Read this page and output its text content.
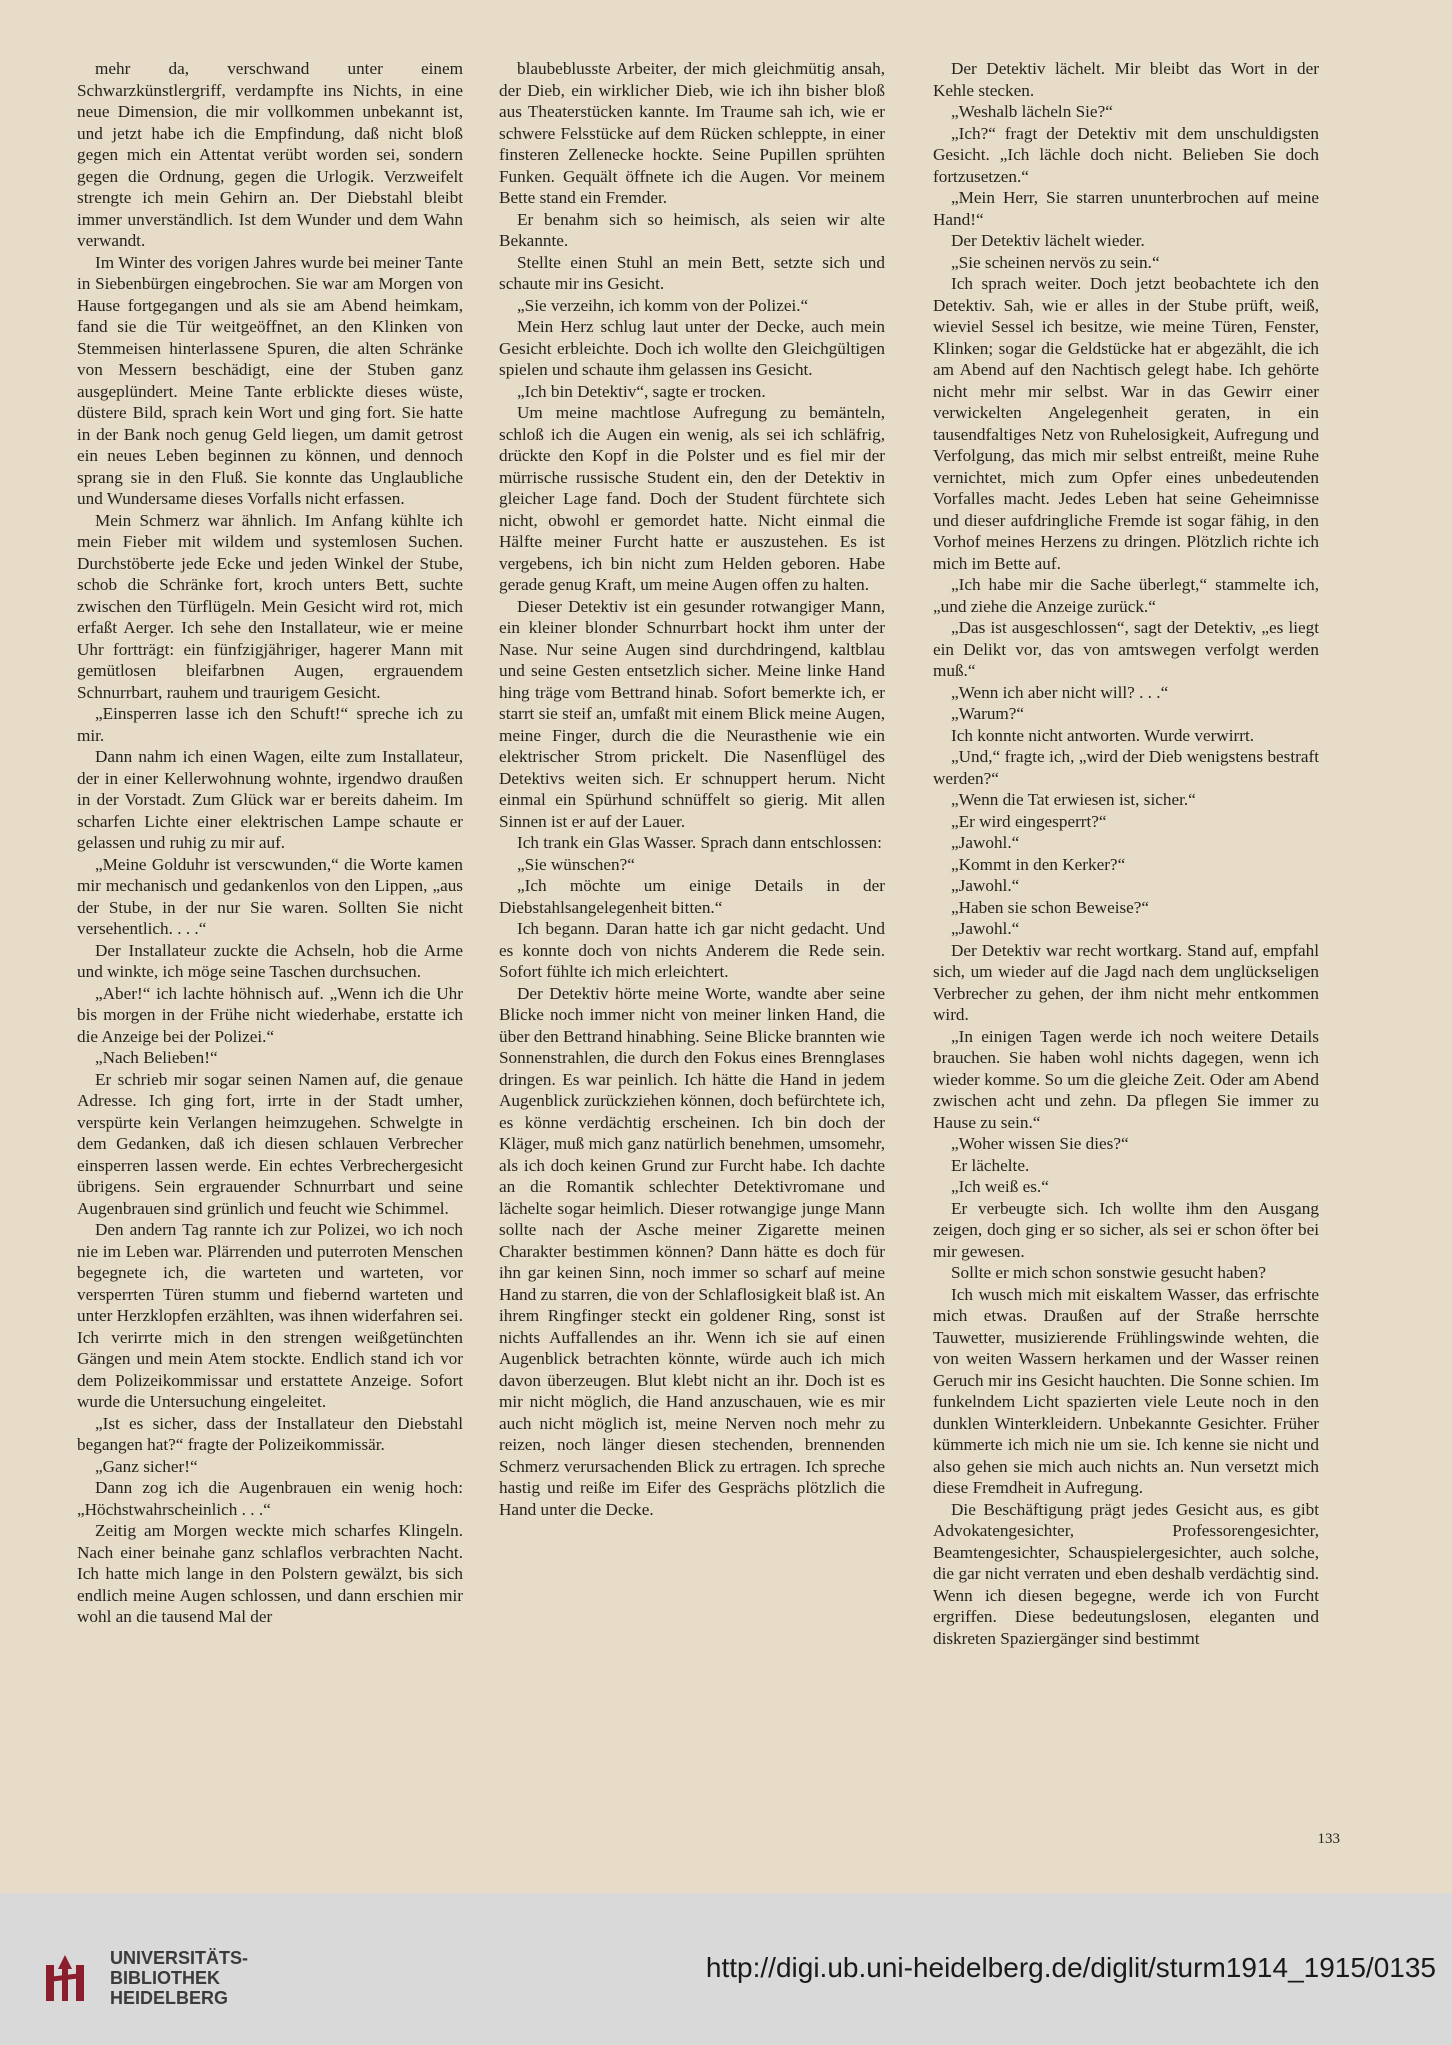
mehr da, verschwand unter einem Schwarzkünstlergriff, verdampfte ins Nichts, in eine neue Dimension, die mir vollkommen unbekannt ist, und jetzt habe ich die Empfindung, daß nicht bloß gegen mich ein Attentat verübt worden sei, sondern gegen die Ordnung, gegen die Urlogik. Verzweifelt strengte ich mein Gehirn an. Der Diebstahl bleibt immer unverständlich. Ist dem Wunder und dem Wahn verwandt.

Im Winter des vorigen Jahres wurde bei meiner Tante in Siebenbürgen eingebrochen. Sie war am Morgen von Hause fortgegangen und als sie am Abend heimkam, fand sie die Tür weitgeöffnet, an den Klinken von Stemmeisen hinterlassene Spuren, die alten Schränke von Messern beschädigt, eine der Stuben ganz ausgeplündert. Meine Tante erblickte dieses wüste, düstere Bild, sprach kein Wort und ging fort. Sie hatte in der Bank noch genug Geld liegen, um damit getrost ein neues Leben beginnen zu können, und dennoch sprang sie in den Fluß. Sie konnte das Unglaubliche und Wundersame dieses Vorfalls nicht erfassen.

Mein Schmerz war ähnlich. Im Anfang kühlte ich mein Fieber mit wildem und systemlosen Suchen. Durchstöberte jede Ecke und jeden Winkel der Stube, schob die Schränke fort, kroch unters Bett, suchte zwischen den Türflügeln. Mein Gesicht wird rot, mich erfaßt Aerger. Ich sehe den Installateur, wie er meine Uhr fortträgt: ein fünfzigjähriger, hagerer Mann mit gemütlosen bleifarbnen Augen, ergrauendem Schnurrbart, rauhem und traurigem Gesicht.

„Einsperren lasse ich den Schuft!“ spreche ich zu mir.

Dann nahm ich einen Wagen, eilte zum Installateur, der in einer Kellerwohnung wohnte, irgendwo draußen in der Vorstadt. Zum Glück war er bereits daheim. Im scharfen Lichte einer elektrischen Lampe schaute er gelassen und ruhig zu mir auf.

„Meine Golduhr ist verscwunden,“ die Worte kamen mir mechanisch und gedankenlos von den Lippen, „aus der Stube, in der nur Sie waren. Sollten Sie nicht versehentlich. . . .“

Der Installateur zuckte die Achseln, hob die Arme und winkte, ich möge seine Taschen durchsuchen.

„Aber!“ ich lachte höhnisch auf. „Wenn ich die Uhr bis morgen in der Frühe nicht wiederhabe, erstatte ich die Anzeige bei der Polizei.“

„Nach Belieben!“

Er schrieb mir sogar seinen Namen auf, die genaue Adresse. Ich ging fort, irrte in der Stadt umher, verspürte kein Verlangen heimzugehen. Schwelgte in dem Gedanken, daß ich diesen schlauen Verbrecher einsperren lassen werde. Ein echtes Verbrechergesicht übrigens. Sein ergrauender Schnurrbart und seine Augenbrauen sind grünlich und feucht wie Schimmel.

Den andern Tag rannte ich zur Polizei, wo ich noch nie im Leben war. Plärrenden und puterroten Menschen begegnete ich, die warteten und warteten, vor versperrten Türen stumm und fiebernd warteten und unter Herzklopfen erzählten, was ihnen widerfahren sei. Ich verirrte mich in den strengen weißgetünchten Gängen und mein Atem stockte. Endlich stand ich vor dem Polizeikommissar und erstattete Anzeige. Sofort wurde die Untersuchung eingeleitet.

„Ist es sicher, dass der Installateur den Diebstahl begangen hat?“ fragte der Polizeikommissär.

„Ganz sicher!“

Dann zog ich die Augenbrauen ein wenig hoch: „Höchstwahrscheinlich . . .“

Zeitig am Morgen weckte mich scharfes Klingeln. Nach einer beinahe ganz schlaflos verbrachten Nacht. Ich hatte mich lange in den Polstern gewälzt, bis sich endlich meine Augen schlossen, und dann erschien mir wohl an die tausend Mal der

blaubeblusste Arbeiter, der mich gleichmütig ansah, der Dieb, ein wirklicher Dieb, wie ich ihn bisher bloß aus Theaterstücken kannte. Im Traume sah ich, wie er schwere Felsstücke auf dem Rücken schleppte, in einer finsteren Zellenecke hockte. Seine Pupillen sprühten Funken. Gequält öffnete ich die Augen. Vor meinem Bette stand ein Fremder.

Er benahm sich so heimisch, als seien wir alte Bekannte.

Stellte einen Stuhl an mein Bett, setzte sich und schaute mir ins Gesicht.

„Sie verzeihn, ich komm von der Polizei.“

Mein Herz schlug laut unter der Decke, auch mein Gesicht erbleichte. Doch ich wollte den Gleichgültigen spielen und schaute ihm gelassen ins Gesicht.

„Ich bin Detektiv“, sagte er trocken.

Um meine machtlose Aufregung zu bemänteln, schloß ich die Augen ein wenig, als sei ich schläfrig, drückte den Kopf in die Polster und es fiel mir der mürrische russische Student ein, den der Detektiv in gleicher Lage fand. Doch der Student fürchtete sich nicht, obwohl er gemordet hatte. Nicht einmal die Hälfte meiner Furcht hatte er auszustehen. Es ist vergebens, ich bin nicht zum Helden geboren. Habe gerade genug Kraft, um meine Augen offen zu halten.

Dieser Detektiv ist ein gesunder rotwangiger Mann, ein kleiner blonder Schnurrbart hockt ihm unter der Nase. Nur seine Augen sind durchdringend, kaltblau und seine Gesten entsetzlich sicher. Meine linke Hand hing träge vom Bettrand hinab. Sofort bemerkte ich, er starrt sie steif an, umfaßt mit einem Blick meine Augen, meine Finger, durch die die Neurasthenie wie ein elektrischer Strom prickelt. Die Nasenflügel des Detektivs weiten sich. Er schnuppert herum. Nicht einmal ein Spürhund schnüffelt so gierig. Mit allen Sinnen ist er auf der Lauer.

Ich trank ein Glas Wasser. Sprach dann entschlossen:

„Sie wünschen?“

„Ich möchte um einige Details in der Diebstahlsangelegenheit bitten.“

Ich begann. Daran hatte ich gar nicht gedacht. Und es konnte doch von nichts Anderem die Rede sein. Sofort fühlte ich mich erleichtert.

Der Detektiv hörte meine Worte, wandte aber seine Blicke noch immer nicht von meiner linken Hand, die über den Bettrand hinabhing. Seine Blicke brannten wie Sonnenstrahlen, die durch den Fokus eines Brennglases dringen. Es war peinlich. Ich hätte die Hand in jedem Augenblick zurückziehen können, doch befürchtete ich, es könne verdächtig erscheinen. Ich bin doch der Kläger, muß mich ganz natürlich benehmen, umsomehr, als ich doch keinen Grund zur Furcht habe. Ich dachte an die Romantik schlechter Detektivromane und lächelte sogar heimlich. Dieser rotwangige junge Mann sollte nach der Asche meiner Zigarette meinen Charakter bestimmen können? Dann hätte es doch für ihn gar keinen Sinn, noch immer so scharf auf meine Hand zu starren, die von der Schlaflosigkeit blaß ist. An ihrem Ringfinger steckt ein goldener Ring, sonst ist nichts Auffallendes an ihr. Wenn ich sie auf einen Augenblick betrachten könnte, würde auch ich mich davon überzeugen. Blut klebt nicht an ihr. Doch ist es mir nicht möglich, die Hand anzuschauen, wie es mir auch nicht möglich ist, meine Nerven noch mehr zu reizen, noch länger diesen stechenden, brennenden Schmerz verursachenden Blick zu ertragen. Ich spreche hastig und reiße im Eifer des Gesprächs plötzlich die Hand unter die Decke.

Der Detektiv lächelt. Mir bleibt das Wort in der Kehle stecken.

„Weshalb lächeln Sie?“

„Ich?“ fragt der Detektiv mit dem unschuldigsten Gesicht. „Ich lächle doch nicht. Belieben Sie doch fortzusetzen.“

„Mein Herr, Sie starren ununterbrochen auf meine Hand!“

Der Detektiv lächelt wieder.

„Sie scheinen nervös zu sein.“

Ich sprach weiter. Doch jetzt beobachtete ich den Detektiv. Sah, wie er alles in der Stube prüft, weiß, wieviel Sessel ich besitze, wie meine Türen, Fenster, Klinken; sogar die Geldstücke hat er abgezählt, die ich am Abend auf den Nachtisch gelegt habe. Ich gehörte nicht mehr mir selbst. War in das Gewirr einer verwickelten Angelegenheit geraten, in ein tausendfaltiges Netz von Ruhelosigkeit, Aufregung und Verfolgung, das mich mir selbst entreißt, meine Ruhe vernichtet, mich zum Opfer eines unbedeutenden Vorfalles macht. Jedes Leben hat seine Geheimnisse und dieser aufdringliche Fremde ist sogar fähig, in den Vorhof meines Herzens zu dringen. Plötzlich richte ich mich im Bette auf.

„Ich habe mir die Sache überlegt,“ stammelte ich, „und ziehe die Anzeige zurück.“

„Das ist ausgeschlossen“, sagt der Detektiv, „es liegt ein Delikt vor, das von amtswegen verfolgt werden muß.“

„Wenn ich aber nicht will? . . .“

„Warum?“

Ich konnte nicht antworten. Wurde verwirrt.

„Und,“ fragte ich, „wird der Dieb wenigstens bestraft werden?“

„Wenn die Tat erwiesen ist, sicher.“

„Er wird eingesperrt?“

„Jawohl.“

„Kommt in den Kerker?“

„Jawohl.“

„Haben sie schon Beweise?“

„Jawohl.“

Der Detektiv war recht wortkarg. Stand auf, empfahl sich, um wieder auf die Jagd nach dem unglückseligen Verbrecher zu gehen, der ihm nicht mehr entkommen wird.

„In einigen Tagen werde ich noch weitere Details brauchen. Sie haben wohl nichts dagegen, wenn ich wieder komme. So um die gleiche Zeit. Oder am Abend zwischen acht und zehn. Da pflegen Sie immer zu Hause zu sein.“

„Woher wissen Sie dies?“

Er lächelte.

„Ich weiß es.“

Er verbeugte sich. Ich wollte ihm den Ausgang zeigen, doch ging er so sicher, als sei er schon öfter bei mir gewesen.

Sollte er mich schon sonstwie gesucht haben?

Ich wusch mich mit eiskaltem Wasser, das erfrischte mich etwas. Draußen auf der Straße herrschte Tauwetter, musizierende Frühlingswinde wehten, die von weiten Wassern herkamen und der Wasser reinen Geruch mir ins Gesicht hauchten. Die Sonne schien. Im funkelndem Licht spazierten viele Leute noch in den dunklen Winterkleidern. Unbekannte Gesichter. Früher kümmerte ich mich nie um sie. Ich kenne sie nicht und also gehen sie mich auch nichts an. Nun versetzt mich diese Fremdheit in Aufregung.

Die Beschäftigung prägt jedes Gesicht aus, es gibt Advokatengesichter, Professorengesichter, Beamtengesichter, Schauspielergesichter, auch solche, die gar nicht verraten und eben deshalb verdächtig sind. Wenn ich diesen begegne, werde ich von Furcht ergriffen. Diese bedeutungslosen, eleganten und diskreten Spaziergänger sind bestimmt

133
UNIVERSITÄTS-
BIBLIOTHEK
HEIDELBERG
http://digi.ub.uni-heidelberg.de/diglit/sturm1914_1915/0135
